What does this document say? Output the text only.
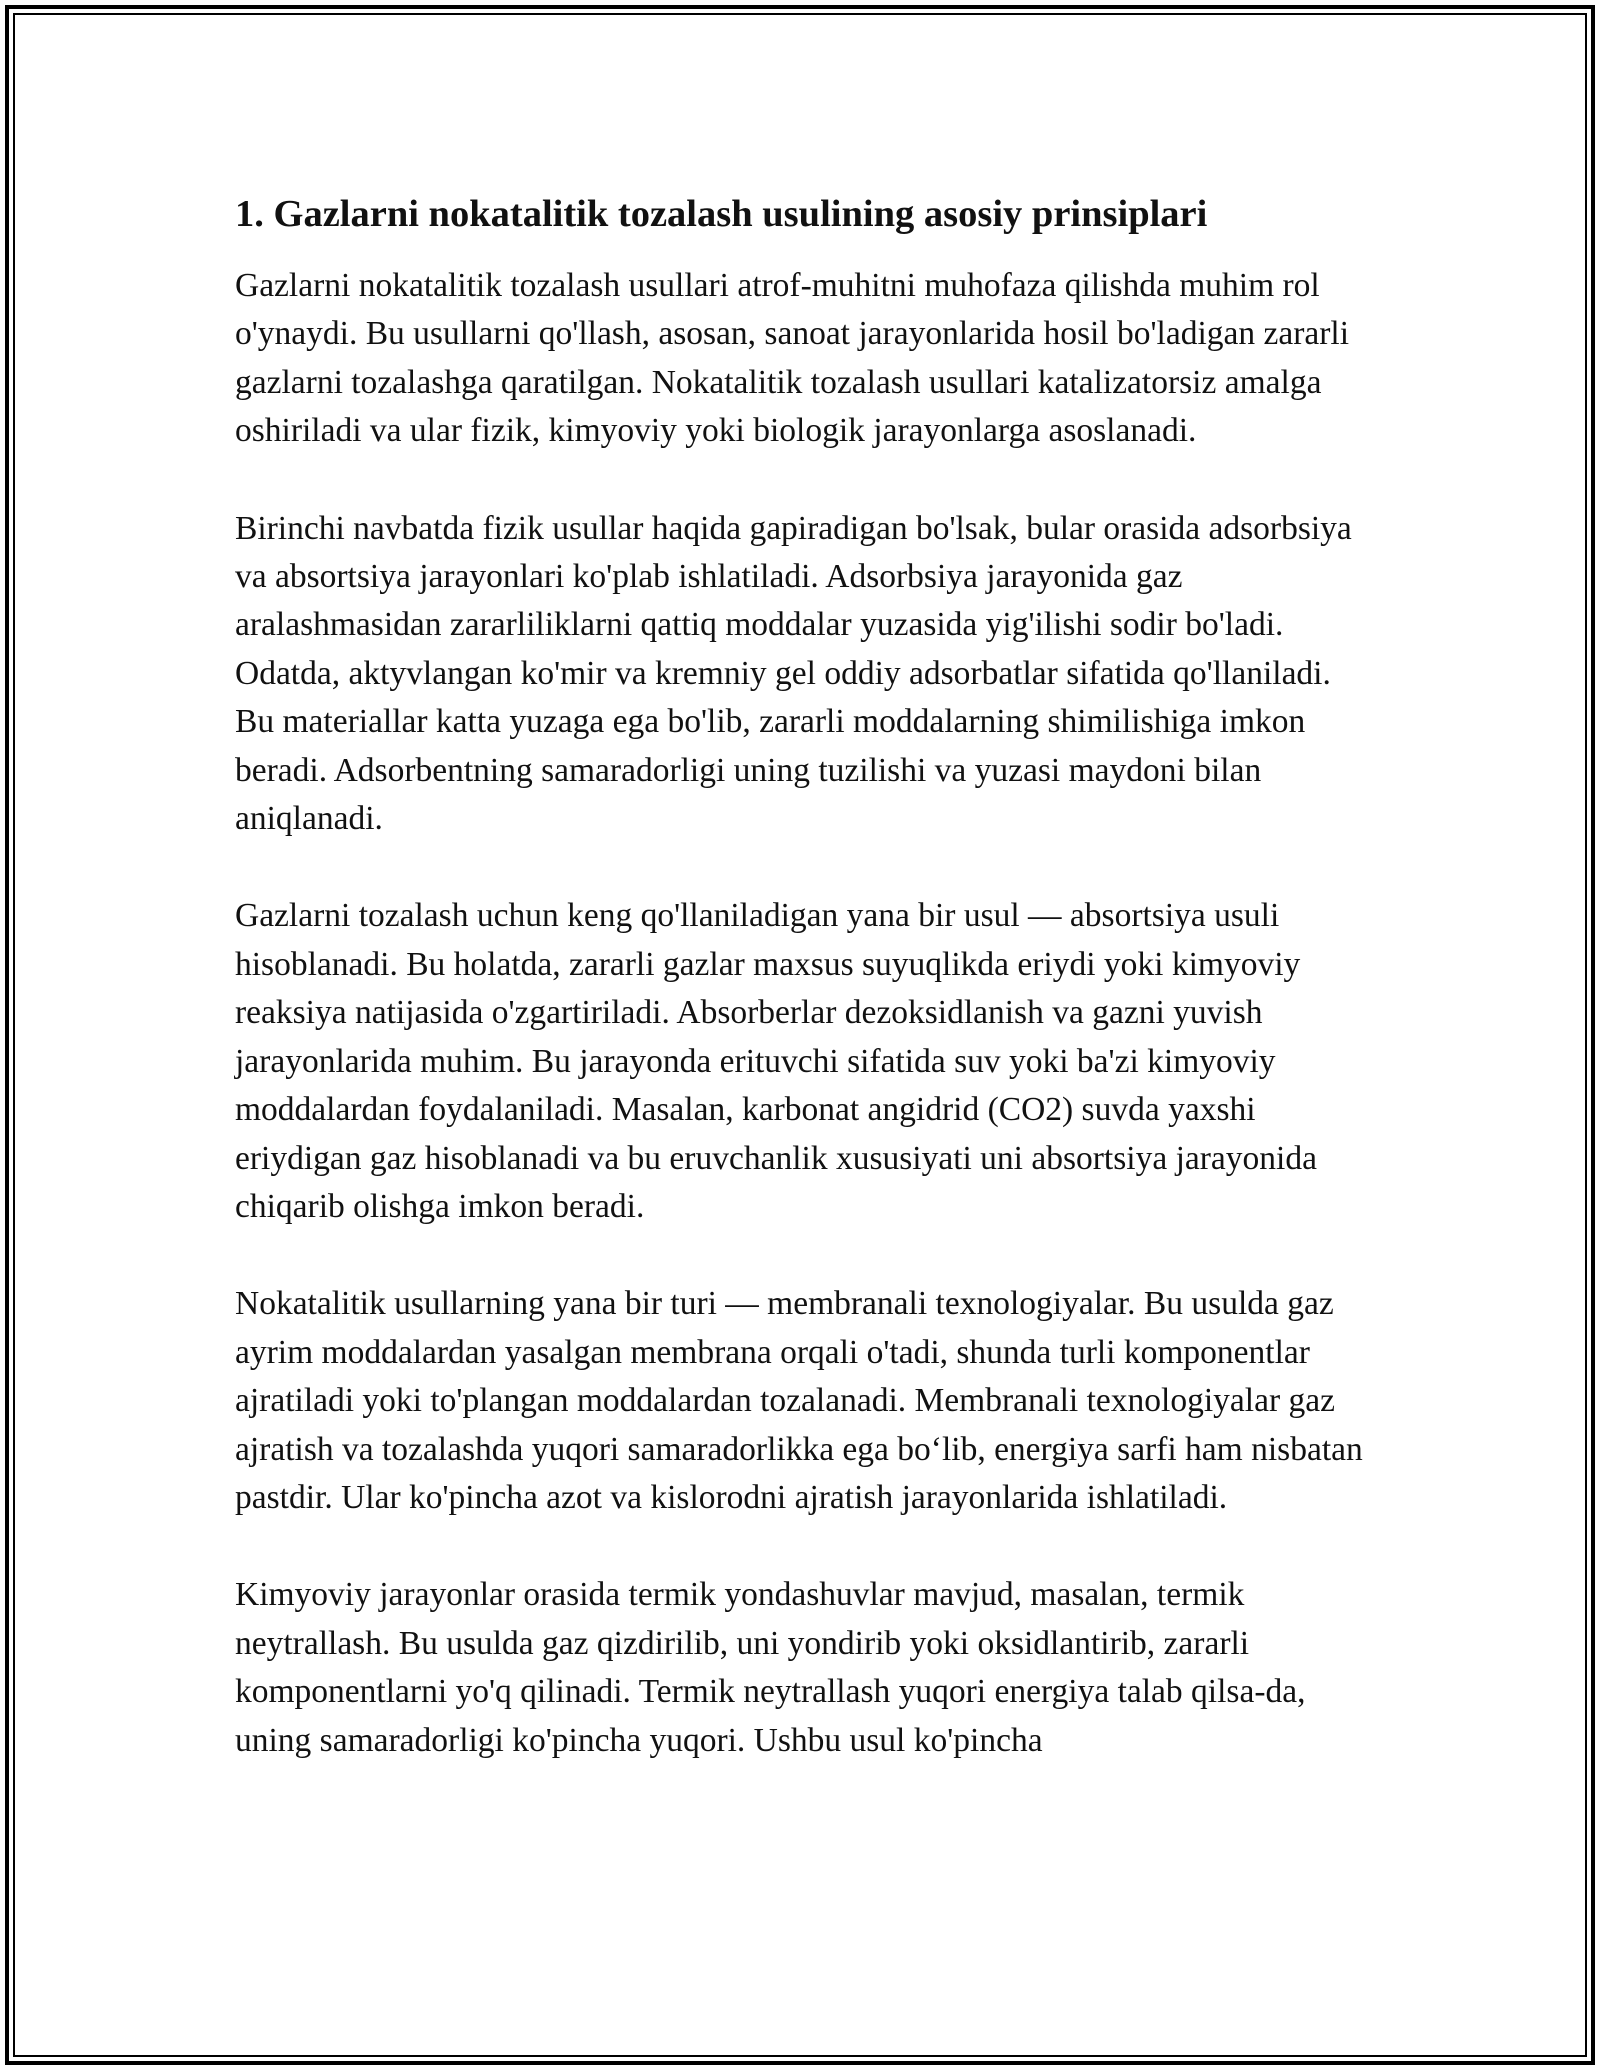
1. Gazlarni nokatalitik tozalash usulining asosiy prinsiplari

Gazlarni nokatalitik tozalash usullari atrof-muhitni muhofaza qilishda muhim rol o'ynaydi. Bu usullarni qo'llash, asosan, sanoat jarayonlarida hosil bo'ladigan zararli gazlarni tozalashga qaratilgan. Nokatalitik tozalash usullari katalizatorsiz amalga oshiriladi va ular fizik, kimyoviy yoki biologik jarayonlarga asoslanadi.

Birinchi navbatda fizik usullar haqida gapiradigan bo'lsak, bular orasida adsorbsiya va absortsiya jarayonlari ko'plab ishlatiladi. Adsorbsiya jarayonida gaz aralashmasidan zararliliklarni qattiq moddalar yuzasida yig'ilishi sodir bo'ladi. Odatda, aktyvlangan ko'mir va kremniy gel oddiy adsorbatlar sifatida qo'llaniladi. Bu materiallar katta yuzaga ega bo'lib, zararli moddalarning shimilishiga imkon beradi. Adsorbentning samaradorligi uning tuzilishi va yuzasi maydoni bilan aniqlanadi.

Gazlarni tozalash uchun keng qo'llaniladigan yana bir usul — absortsiya usuli hisoblanadi. Bu holatda, zararli gazlar maxsus suyuqlikda eriydi yoki kimyoviy reaksiya natijasida o'zgartiriladi. Absorberlar dezoksidlanish va gazni yuvish jarayonlarida muhim. Bu jarayonda erituvchi sifatida suv yoki ba'zi kimyoviy moddalardan foydalaniladi. Masalan, karbonat angidrid (CO2) suvda yaxshi eriydigan gaz hisoblanadi va bu eruvchanlik xususiyati uni absortsiya jarayonida chiqarib olishga imkon beradi.

Nokatalitik usullarning yana bir turi — membranali texnologiyalar. Bu usulda gaz ayrim moddalardan yasalgan membrana orqali o'tadi, shunda turli komponentlar ajratiladi yoki to'plangan moddalardan tozalanadi. Membranali texnologiyalar gaz ajratish va tozalashda yuqori samaradorlikka ega bo‘lib, energiya sarfi ham nisbatan pastdir. Ular ko'pincha azot va kislorodni ajratish jarayonlarida ishlatiladi.

Kimyoviy jarayonlar orasida termik yondashuvlar mavjud, masalan, termik neytrallash. Bu usulda gaz qizdirilib, uni yondirib yoki oksidlantirib, zararli komponentlarni yo'q qilinadi. Termik neytrallash yuqori energiya talab qilsa-da, uning samaradorligi ko'pincha yuqori. Ushbu usul ko'pincha
